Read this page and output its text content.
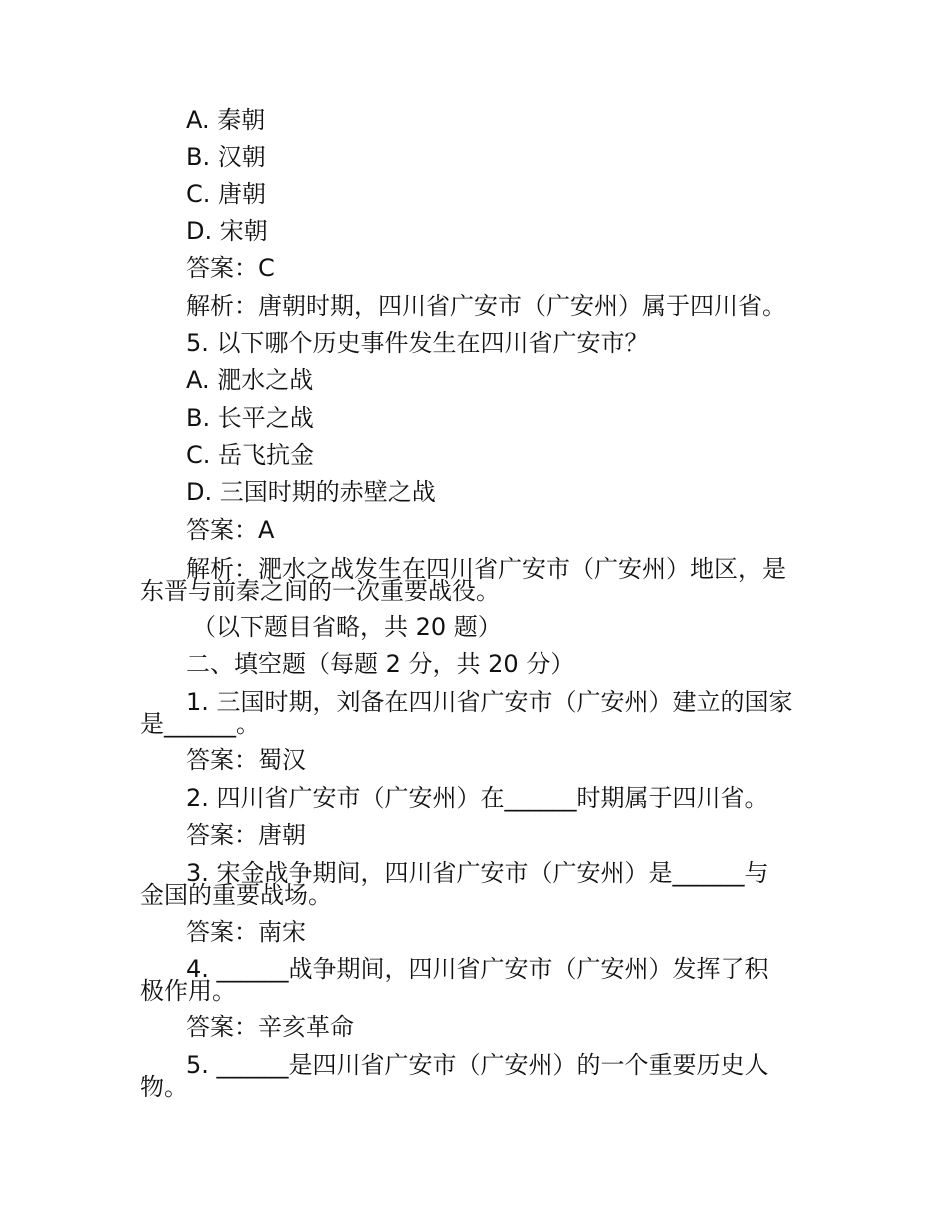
A. 秦朝
B. 汉朝
C. 唐朝
D. 宋朝
答案：C
解析：唐朝时期，四川省广安市（广安州）属于四川省。
5. 以下哪个历史事件发生在四川省广安市？
A. 淝水之战
B. 长平之战
C. 岳飞抗金
D. 三国时期的赤壁之战
答案：A
解析：淝水之战发生在四川省广安市（广安州）地区，是
东晋与前秦之间的一次重要战役。
（以下题目省略，共 20 题）
二、填空题（每题 2 分，共 20 分）
1. 三国时期，刘备在四川省广安市（广安州）建立的国家
是______。
答案：蜀汉
2. 四川省广安市（广安州）在______时期属于四川省。
答案：唐朝
3. 宋金战争期间，四川省广安市（广安州）是______与
金国的重要战场。
答案：南宋
4. ______战争期间，四川省广安市（广安州）发挥了积
极作用。
答案：辛亥革命
5. ______是四川省广安市（广安州）的一个重要历史人
物。
